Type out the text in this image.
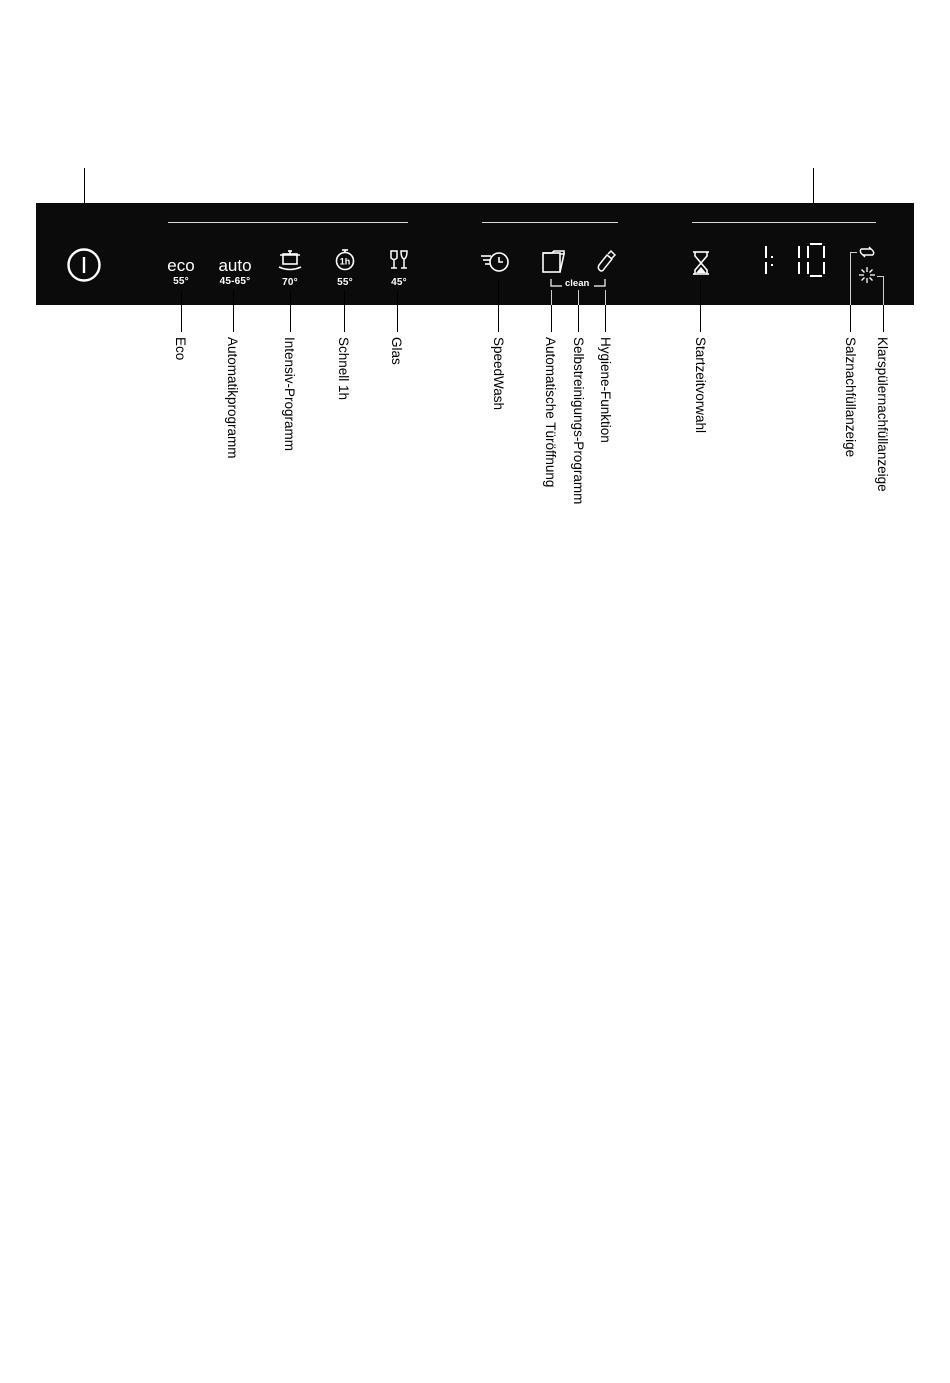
eco
55°
auto
45-65°	70°
1h
55°	45°	clean
Eco	Automatikprogramm	Intensiv-Programm	Schnell 1h	Glas	SpeedWash	Automatische Türöffnung Selbstreinigungs-Programm Hygiene-Funktion	Startzeitvorwahl	Salznachfüllanzeige Klarspülernachfüllanzeige
